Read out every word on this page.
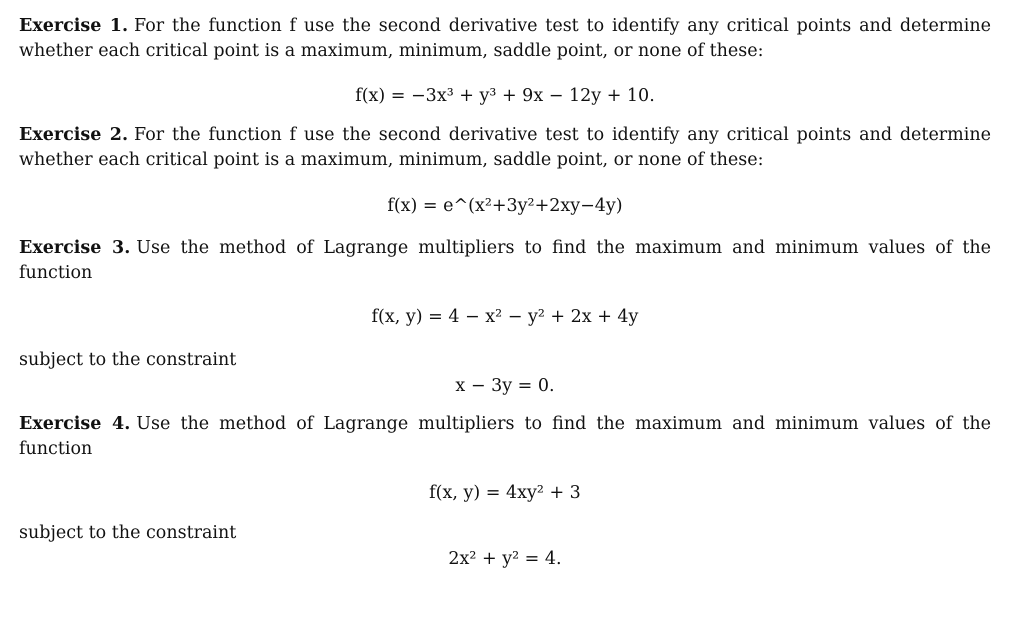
Exercise 1. For the function f use the second derivative test to identify any critical points and determine whether each critical point is a maximum, minimum, saddle point, or none of these:

f(x) = −3x³ + y³ + 9x − 12y + 10.

Exercise 2. For the function f use the second derivative test to identify any critical points and determine whether each critical point is a maximum, minimum, saddle point, or none of these:

f(x) = e^(x²+3y²+2xy−4y)

Exercise 3. Use the method of Lagrange multipliers to find the maximum and minimum values of the function

f(x, y) = 4 − x² − y² + 2x + 4y

subject to the constraint

x − 3y = 0.

Exercise 4. Use the method of Lagrange multipliers to find the maximum and minimum values of the function

f(x, y) = 4xy² + 3

subject to the constraint

2x² + y² = 4.
